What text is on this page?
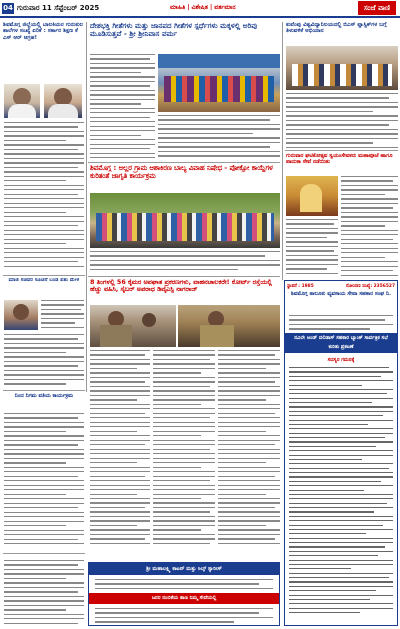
04 ಗುರುವಾರ 11 ಸೆಪ್ಟೆಂಬರ್ 2025	ಮಾಹಿತಿ | ವಿಶೇಷಿತ | ವರ್ತಮಾನ	ಸಂಜೆ ವಾಣಿ
ಶಿವಮೊಗ್ಗ ಜಿಲ್ಲೆಯಲ್ಲಿ ಬಾಲಕಿಯರ ಗುರುಕುಲ ಶಾಲೆಗಳ ಸಂಖ್ಯೆ ಏರಿಕೆ : ಸರ್ಕಾರ ಶಿಕ್ಷಣ ಕೆ ಎಸ್ ಆರ್ ಆಗ್ರಹ!
ಮಾಜಿ ಸಚಿವರ ಸೂಚನೆ ಬಂಡ ಪಶು ಮೇಳ
ನಿಂದ ನಿಗಮ ವತಿಯ ಕಾರ್ಯಕ್ರಮ

ದೇಶಭಕ್ತಿ ಗೀತೆಗಳು ಮತ್ತು ಜಾನಪದ ಗೀತೆಗಳ ಸ್ಪರ್ಧೆಗಳು ಮಕ್ಕಳಲ್ಲಿ ಅರಿವು ಮೂಡಿಸುತ್ತವೆ - ಶ್ರೀ ಶ್ರೀನಿವಾಸ ವರ್ಮ
ಶಿವಮೊಗ್ಗ : ಅಲ್ಲರ ಗ್ರಾಮ ಆಶಾಕಿರಣ ಬಾಲ್ಯ ವಿವಾಹ ನಿಷೇಧ - ಪೋಕ್ಸೋ ಕಾಯ್ದೆಗಳ ಕುರಿತಂತೆ ಜಾಗೃತಿ ಕಾರ್ಯಕ್ರಮ
8 ತಿಂಗಳಲ್ಲಿ 56 ಕೈಮರ ಅಪಘಾತ ಪ್ರಕರಣಗಳು, ವಾಹನಚಾಲಕರೇ! ಕೋರ್ಟ್‌ ರಸ್ತೆಯಲ್ಲಿ ಹೆಚ್ಚು ವಹಿಸಿ, ಸೈಬರ್ ಅಪರಾಧ ಡಿವೈಎಸ್ಪಿ ನಾಗರಾಜ್
ಶ್ರೀ ಮಹಾಲಕ್ಷ್ಮಿ ಕಾಟನ್ ಮತ್ತು ಸಿಲ್ಕ್ ಸ್ಯಾರೀಸ್
ಜನರ ನಂಬಿಕೆಯ ತಾಣ ನಿಮ್ಮ ಸೇವೆಯಲ್ಲಿ
ಕುವೆಂಪು ವಿಶ್ವವಿದ್ಯಾನಿಲಯದಲ್ಲಿ ಬಿಎಸ್ ಪ್ಲಾಸ್ಟಿಕ್‌ಗಳ ಬಗ್ಗೆ ತಿಳುವಳಿಕೆ ಅಭಿಯಾನ
ಗುರುವಾರ ಘಟಿಕೋತ್ಸವ ಸ್ವಯಂಸೇವಕರು ಮಹಾಪೂಜೆ ಹಾಗೂ ಪಾದುಕಾ ಸೇವೆ ನಡೆಯಿತು
ಸ್ಥಾಪನೆ : 1985	ನೋಂದಣಿ ಸಂಖ್ಯೆ: 2356527
ಶಿವಮೊಗ್ಗ ತಾಲೂಕು ವ್ಯವಸಾಯ ಸೇವಾ ಸಹಕಾರ ಸಂಘ ನಿ.
ನವಿಲೇ ಅಂಡ್ ದಲಿಡಾಸ್ ಸಹಕಾರ ಬ್ಯಾಂಕ್ ಸಾರ್ವತ್ರಿಕ ಸಭೆ ಕುರಿತು ಪ್ರಕಟಣೆ
ಸದಸ್ಯರ ಗಮನಕ್ಕೆ
